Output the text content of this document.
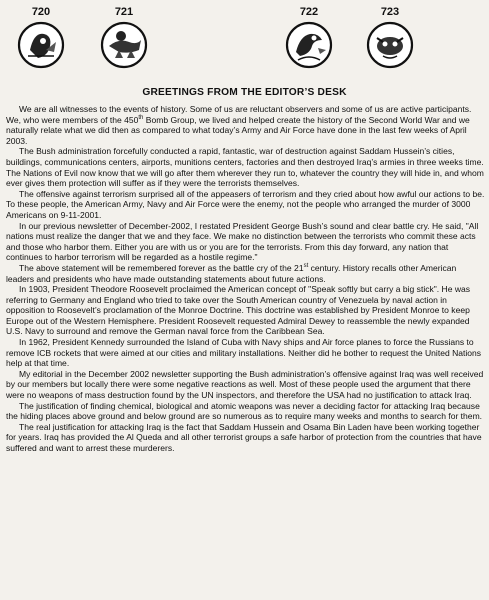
720	721	722	723
GREETINGS FROM THE EDITOR’S DESK

We are all witnesses to the events of history. Some of us are reluctant observers and some of us are active participants. We, who were members of the 450th Bomb Group, we lived and helped create the history of the Second World War and we naturally relate what we did then as compared to what today’s Army and Air Force have done in the last few weeks of April 2003.

The Bush administration forcefully conducted a rapid, fantastic, war of destruction against Saddam Hussein’s cities, buildings, communications centers, airports, munitions centers, factories and then destroyed Iraq’s armies in three weeks time. The Nations of Evil now know that we will go after them wherever they run to, whatever the country they will hide in, and whom ever gives them protection will suffer as if they were the terrorists themselves.

The offensive against terrorism surprised all of the appeasers of terrorism and they cried about how awful our actions to be. To these people, the American Army, Navy and Air Force were the enemy, not the people who arranged the murder of 3000 Americans on 9-11-2001.

In our previous newsletter of December-2002, I restated President George Bush’s sound and clear battle cry. He said, "All nations must realize the danger that we and they face. We make no distinction between the terrorists who commit these acts and those who harbor them. Either you are with us or you are for the terrorists. From this day forward, any nation that continues to harbor terrorism will be regarded as a hostile regime."

The above statement will be remembered forever as the battle cry of the 21st century. History recalls other American leaders and presidents who have made outstanding statements about future actions.

In 1903, President Theodore Roosevelt proclaimed the American concept of "Speak softly but carry a big stick". He was referring to Germany and England who tried to take over the South American country of Venezuela by naval action in opposition to Roosevelt’s proclamation of the Monroe Doctrine. This doctrine was established by President Monroe to keep Europe out of the Western Hemisphere. President Roosevelt requested Admiral Dewey to reassemble the newly expanded U.S. Navy to surround and remove the German naval force from the Caribbean Sea.

In 1962, President Kennedy surrounded the Island of Cuba with Navy ships and Air force planes to force the Russians to remove ICB rockets that were aimed at our cities and military installations. Neither did he bother to request the United Nations help at that time.

My editorial in the December 2002 newsletter supporting the Bush administration’s offensive against Iraq was well received by our members but locally there were some negative reactions as well. Most of these people used the argument that there were no weapons of mass destruction found by the UN inspectors, and therefore the USA had no justification to attack Iraq.

The justification of finding chemical, biological and atomic weapons was never a deciding factor for attacking Iraq because the hiding places above ground and below ground are so numerous as to require many weeks and months to search for them.

The real justification for attacking Iraq is the fact that Saddam Hussein and Osama Bin Laden have been working together for years. Iraq has provided the Al Queda and all other terrorist groups a safe harbor of protection from the countries that have suffered and want to arrest these murderers.
